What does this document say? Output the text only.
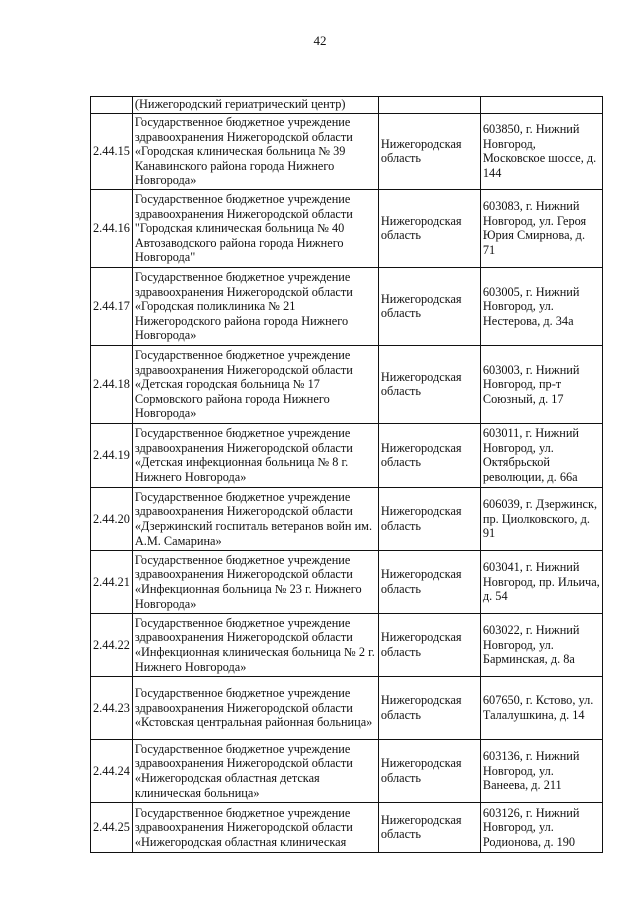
42
	(Нижегородский гериатрический центр)		
2.44.15	Государственное бюджетное учреждение здравоохранения Нижегородской области «Городская клиническая больница № 39 Канавинского района города Нижнего Новгорода»	Нижегородская область	603850, г. Нижний Новгород, Московское шоссе, д. 144
2.44.16	Государственное бюджетное учреждение здравоохранения Нижегородской области "Городская клиническая больница № 40 Автозаводского района города Нижнего Новгорода"	Нижегородская область	603083, г. Нижний Новгород, ул. Героя Юрия Смирнова, д. 71
2.44.17	Государственное бюджетное учреждение здравоохранения Нижегородской области «Городская поликлиника № 21 Нижегородского района города Нижнего Новгорода»	Нижегородская область	603005, г. Нижний Новгород, ул. Нестерова, д. 34а
2.44.18	Государственное бюджетное учреждение здравоохранения Нижегородской области «Детская городская больница № 17 Сормовского района города Нижнего Новгорода»	Нижегородская область	603003, г. Нижний Новгород, пр-т Союзный, д. 17
2.44.19	Государственное бюджетное учреждение здравоохранения Нижегородской области «Детская инфекционная больница № 8 г. Нижнего Новгорода»	Нижегородская область	603011, г. Нижний Новгород, ул. Октябрьской революции, д. 66а
2.44.20	Государственное бюджетное учреждение здравоохранения Нижегородской области «Дзержинский госпиталь ветеранов войн им. А.М. Самарина»	Нижегородская область	606039, г. Дзержинск, пр. Циолковского, д. 91
2.44.21	Государственное бюджетное учреждение здравоохранения Нижегородской области «Инфекционная больница № 23 г. Нижнего Новгорода»	Нижегородская область	603041, г. Нижний Новгород, пр. Ильича, д. 54
2.44.22	Государственное бюджетное учреждение здравоохранения Нижегородской области «Инфекционная клиническая больница № 2 г. Нижнего Новгорода»	Нижегородская область	603022, г. Нижний Новгород, ул. Барминская, д. 8а
2.44.23	Государственное бюджетное учреждение здравоохранения Нижегородской области «Кстовская центральная районная больница»	Нижегородская область	607650, г. Кстово, ул. Талалушкина, д. 14
2.44.24	Государственное бюджетное учреждение здравоохранения Нижегородской области «Нижегородская областная детская клиническая больница»	Нижегородская область	603136, г. Нижний Новгород, ул. Ванеева, д. 211
2.44.25	Государственное бюджетное учреждение здравоохранения Нижегородской области «Нижегородская областная клиническая	Нижегородская область	603126, г. Нижний Новгород, ул. Родионова, д. 190
